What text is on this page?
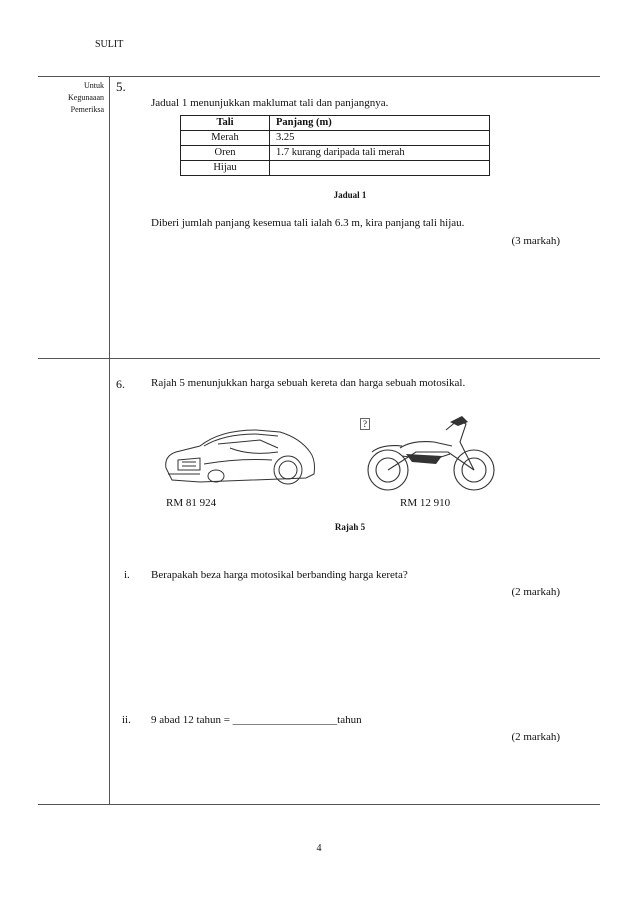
SULIT
Untuk
Kegunaaan
Pemeriksa
5.
Jadual 1 menunjukkan maklumat tali dan panjangnya.
Tali	Panjang (m)
Merah	3.25
Oren	1.7 kurang daripada tali merah
Hijau	
Jadual 1
Diberi jumlah panjang kesemua tali ialah 6.3 m, kira panjang tali hijau.
(3 markah)
6. Rajah 5 menunjukkan harga sebuah kereta dan harga sebuah motosikal.
?
RM 81 924	RM 12 910
Rajah 5
i. Berapakah beza harga motosikal berbanding harga kereta?
(2 markah)
ii. 9 abad 12 tahun = ___________________tahun
(2 markah)
4
